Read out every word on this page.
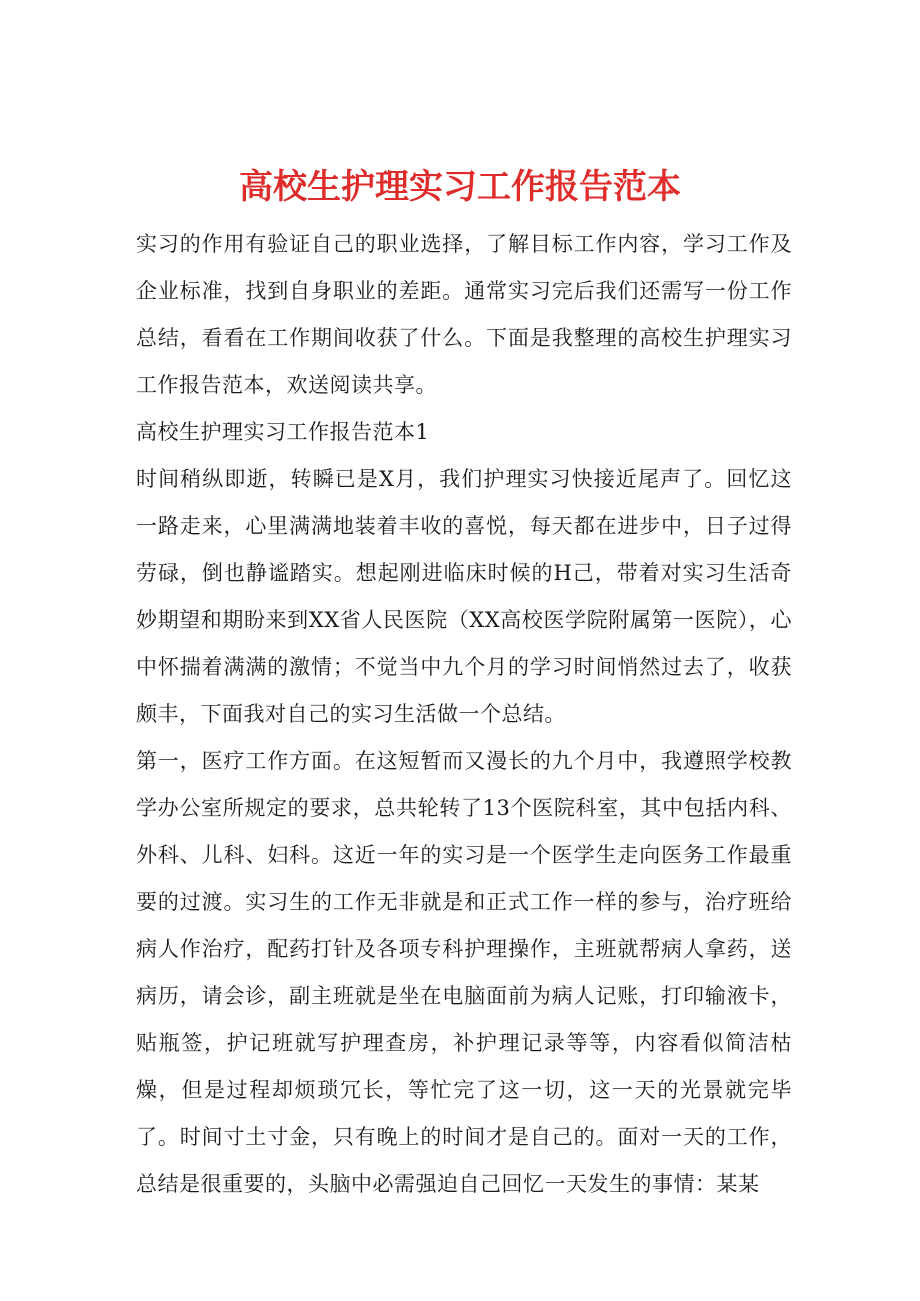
高校生护理实习工作报告范本

实习的作用有验证自己的职业选择，了解目标工作内容，学习工作及企业标准，找到自身职业的差距。通常实习完后我们还需写一份工作总结，看看在工作期间收获了什么。下面是我整理的高校生护理实习工作报告范本，欢送阅读共享。

高校生护理实习工作报告范本1

时间稍纵即逝，转瞬已是X月，我们护理实习快接近尾声了。回忆这一路走来，心里满满地装着丰收的喜悦，每天都在进步中，日子过得劳碌，倒也静谧踏实。想起刚进临床时候的H己，带着对实习生活奇妙期望和期盼来到XX省人民医院（XX高校医学院附属第一医院），心中怀揣着满满的激情；不觉当中九个月的学习时间悄然过去了，收获颇丰，下面我对自己的实习生活做一个总结。

第一，医疗工作方面。在这短暂而又漫长的九个月中，我遵照学校教学办公室所规定的要求，总共轮转了13个医院科室，其中包括内科、外科、儿科、妇科。这近一年的实习是一个医学生走向医务工作最重要的过渡。实习生的工作无非就是和正式工作一样的参与，治疗班给病人作治疗，配药打针及各项专科护理操作，主班就帮病人拿药，送病历，请会诊，副主班就是坐在电脑面前为病人记账，打印输液卡，贴瓶签，护记班就写护理查房，补护理记录等等，内容看似简洁枯燥，但是过程却烦琐冗长，等忙完了这一切，这一天的光景就完毕了。时间寸土寸金，只有晚上的时间才是自己的。面对一天的工作，总结是很重要的，头脑中必需强迫自己回忆一天发生的事情：某某
